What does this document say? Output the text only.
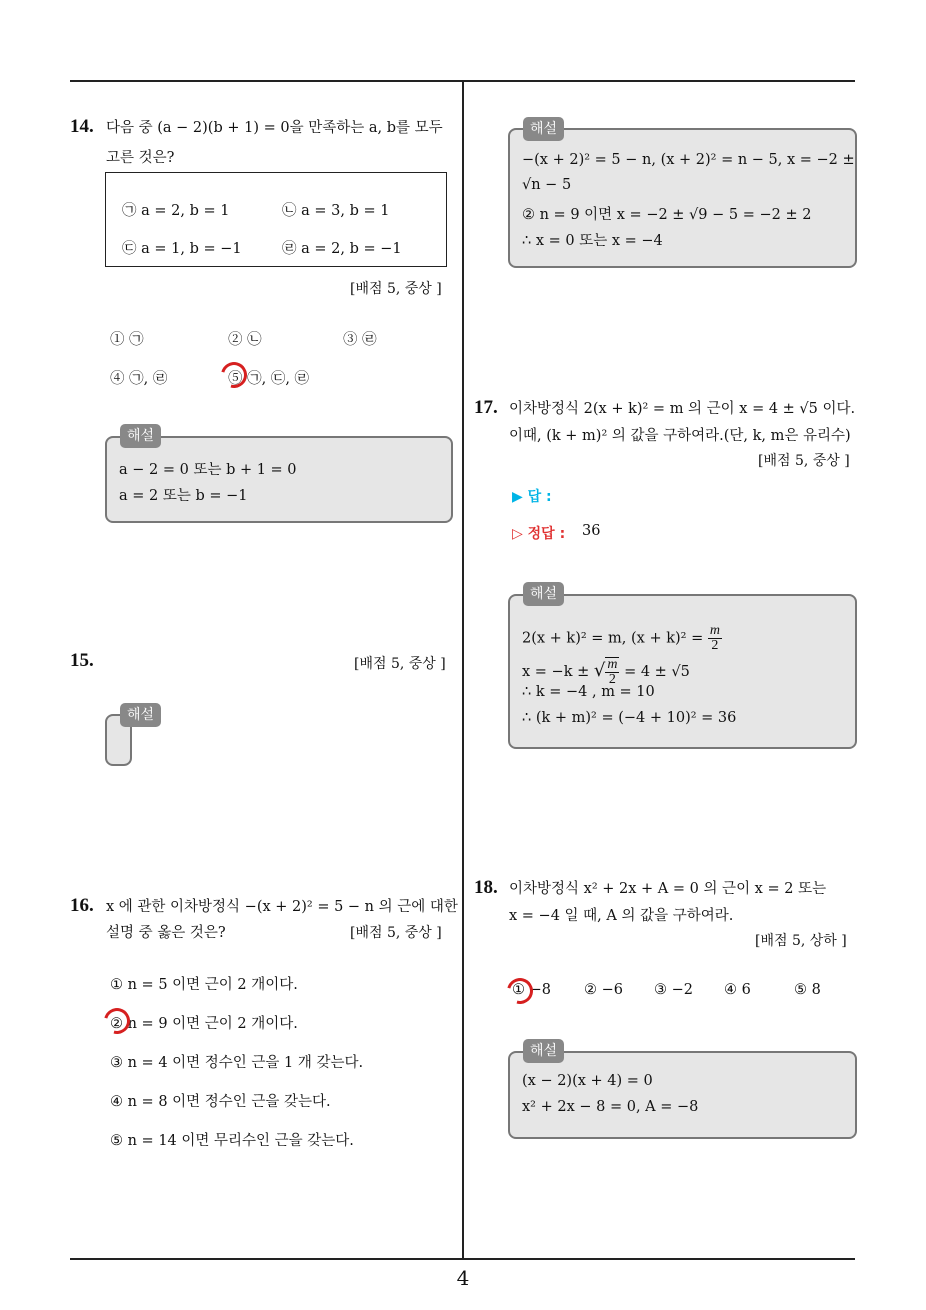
14. 다음 중 (a − 2)(b + 1) = 0을 만족하는 a, b를 모두
고른 것은?
㉠ a = 2, b = 1	㉡ a = 3, b = 1
㉢ a = 1, b = −1	㉣ a = 2, b = −1
[배점 5, 중상 ]
① ㉠	② ㉡	③ ㉣
④ ㉠, ㉣	⑤ ㉠, ㉢, ㉣
a − 2 = 0 또는 b + 1 = 0
a = 2 또는 b = −1
해설
15.	[배점 5, 중상 ]
해설
16. x 에 관한 이차방정식 −(x + 2)² = 5 − n 의 근에 대한
설명 중 옳은 것은?	[배점 5, 중상 ]
① n = 5 이면 근이 2 개이다.
② n = 9 이면 근이 2 개이다.
③ n = 4 이면 정수인 근을 1 개 갖는다.
④ n = 8 이면 정수인 근을 갖는다.
⑤ n = 14 이면 무리수인 근을 갖는다.
−(x + 2)² = 5 − n, (x + 2)² = n − 5, x = −2 ±
√n − 5
② n = 9 이면 x = −2 ± √9 − 5 = −2 ± 2
∴ x = 0 또는 x = −4
해설
17. 이차방정식 2(x + k)² = m 의 근이 x = 4 ± √5 이다.
이때, (k + m)² 의 값을 구하여라.(단, k, m은 유리수)
[배점 5, 중상 ]
▶ 답 :
▷ 정답 : 36
2(x + k)² = m, $(x + k)^2 = \frac{m}{2}$
x = −k ± √ $\frac{m}{2} = 4 \pm √5$
∴ k = −4 , m = 10
∴ (k + m)² = (−4 + 10)² = 36
해설
18. 이차방정식 x² + 2x + A = 0 의 근이 x = 2 또는
x = −4 일 때, A 의 값을 구하여라.
[배점 5, 상하 ]
① −8 ② −6 ③ −2 ④ 6	⑤ 8
(x − 2)(x + 4) = 0
x² + 2x − 8 = 0, A = −8
해설
4
